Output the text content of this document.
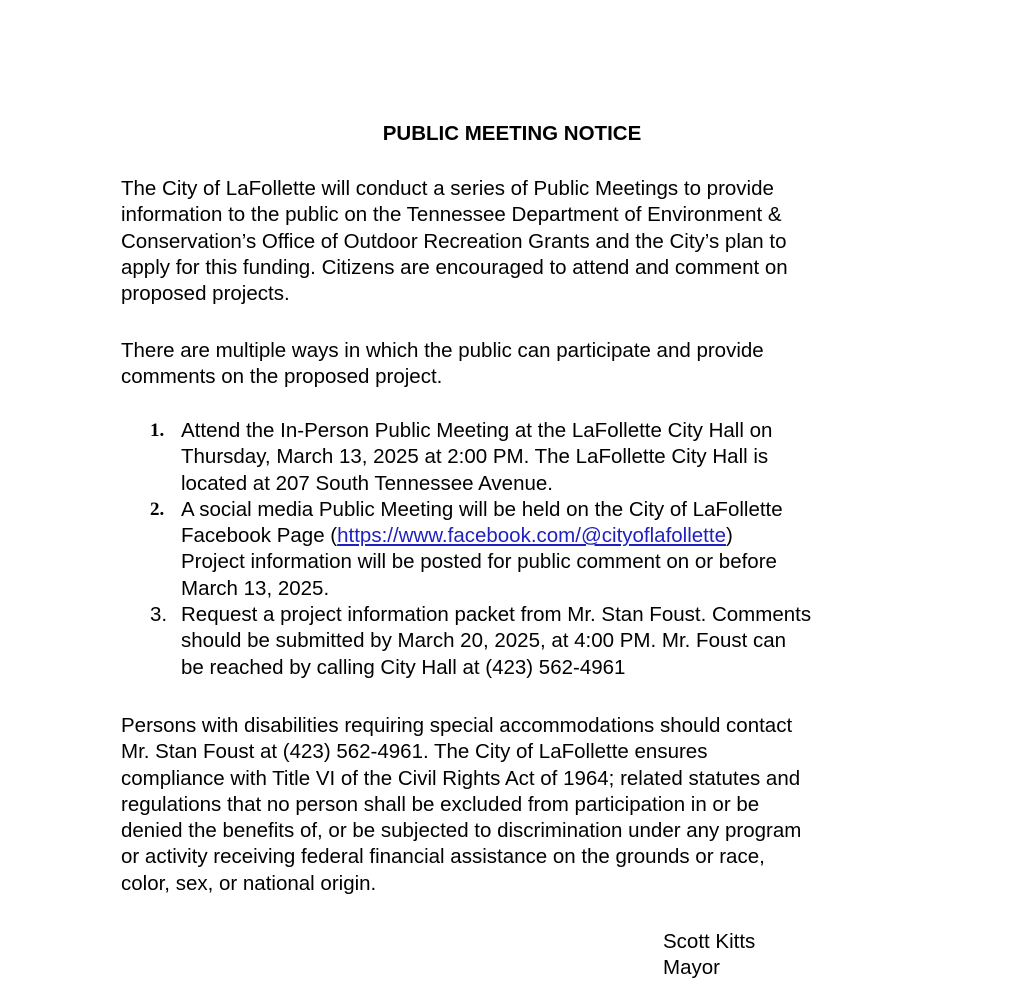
PUBLIC MEETING NOTICE

The City of LaFollette will conduct a series of Public Meetings to provide
information to the public on the Tennessee Department of Environment &
Conservation’s Office of Outdoor Recreation Grants and the City’s plan to
apply for this funding. Citizens are encouraged to attend and comment on
proposed projects.

There are multiple ways in which the public can participate and provide
comments on the proposed project.

1. Attend the In-Person Public Meeting at the LaFollette City Hall on
Thursday, March 13, 2025 at 2:00 PM. The LaFollette City Hall is
located at 207 South Tennessee Avenue.
2. A social media Public Meeting will be held on the City of LaFollette
Facebook Page (https://www.facebook.com/@cityoflafollette)
Project information will be posted for public comment on or before
March 13, 2025.
3. Request a project information packet from Mr. Stan Foust. Comments
should be submitted by March 20, 2025, at 4:00 PM. Mr. Foust can
be reached by calling City Hall at (423) 562-4961

Persons with disabilities requiring special accommodations should contact
Mr. Stan Foust at (423) 562-4961. The City of LaFollette ensures
compliance with Title VI of the Civil Rights Act of 1964; related statutes and
regulations that no person shall be excluded from participation in or be
denied the benefits of, or be subjected to discrimination under any program
or activity receiving federal financial assistance on the grounds or race,
color, sex, or national origin.

Scott Kitts
Mayor
